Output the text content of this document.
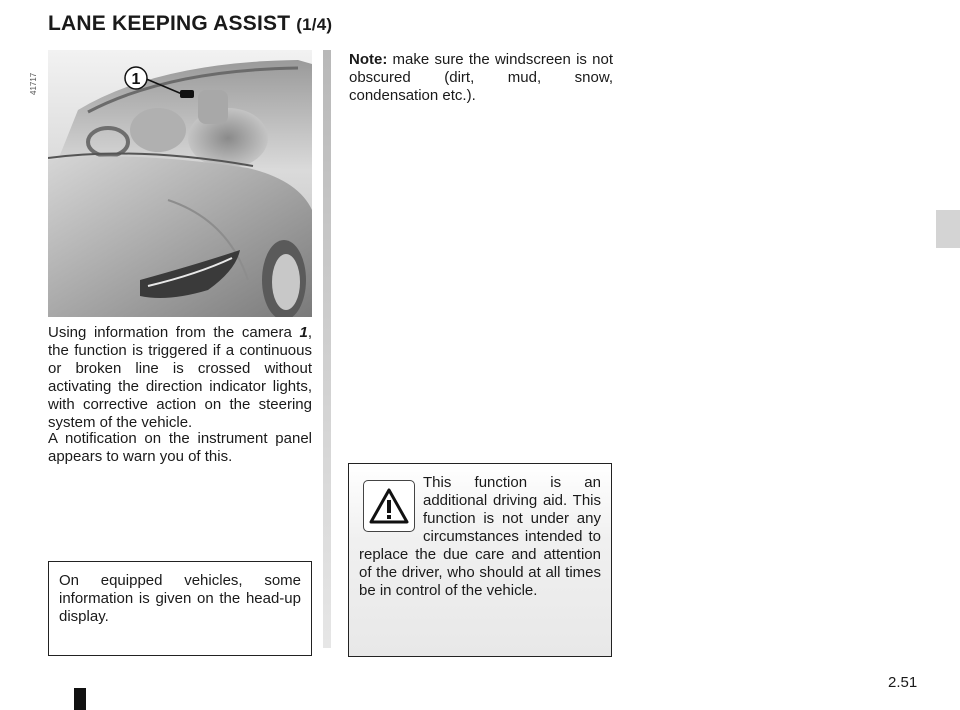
LANE KEEPING ASSIST (1/4)
41717	1
Using information from the camera 1, the function is triggered if a continuous or broken line is crossed without activating the direction indicator lights, with corrective action on the steering system of the vehicle.
A notification on the instrument panel appears to warn you of this.
On equipped vehicles, some information is given on the head-up display.
Note: make sure the windscreen is not obscured (dirt, mud, snow, condensation etc.).
This function is an additional driving aid. This function is not under any circumstances intended to replace the due care and attention of the driver, who should at all times be in control of the vehicle.
2.51
